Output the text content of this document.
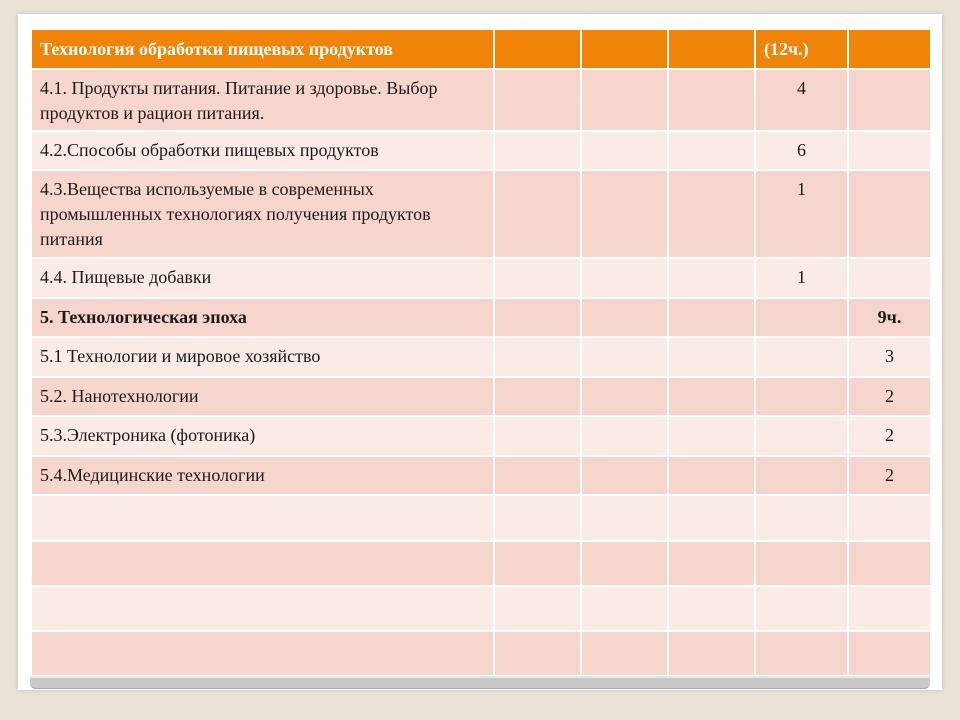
Технология обработки пищевых продуктов				(12ч.)	

4.1. Продукты питания. Питание и здоровье. Выбор продуктов и рацион питания.				4	

4.2.Способы обработки пищевых продуктов				6	

4.3.Вещества используемые в современных промышленных технологиях получения продуктов питания				1	

4.4. Пищевые добавки				1	

5. Технологическая эпоха					9ч.

5.1 Технологии и мировое хозяйство					3

5.2. Нанотехнологии					2

5.3.Электроника (фотоника)					2

5.4.Медицинские технологии					2
